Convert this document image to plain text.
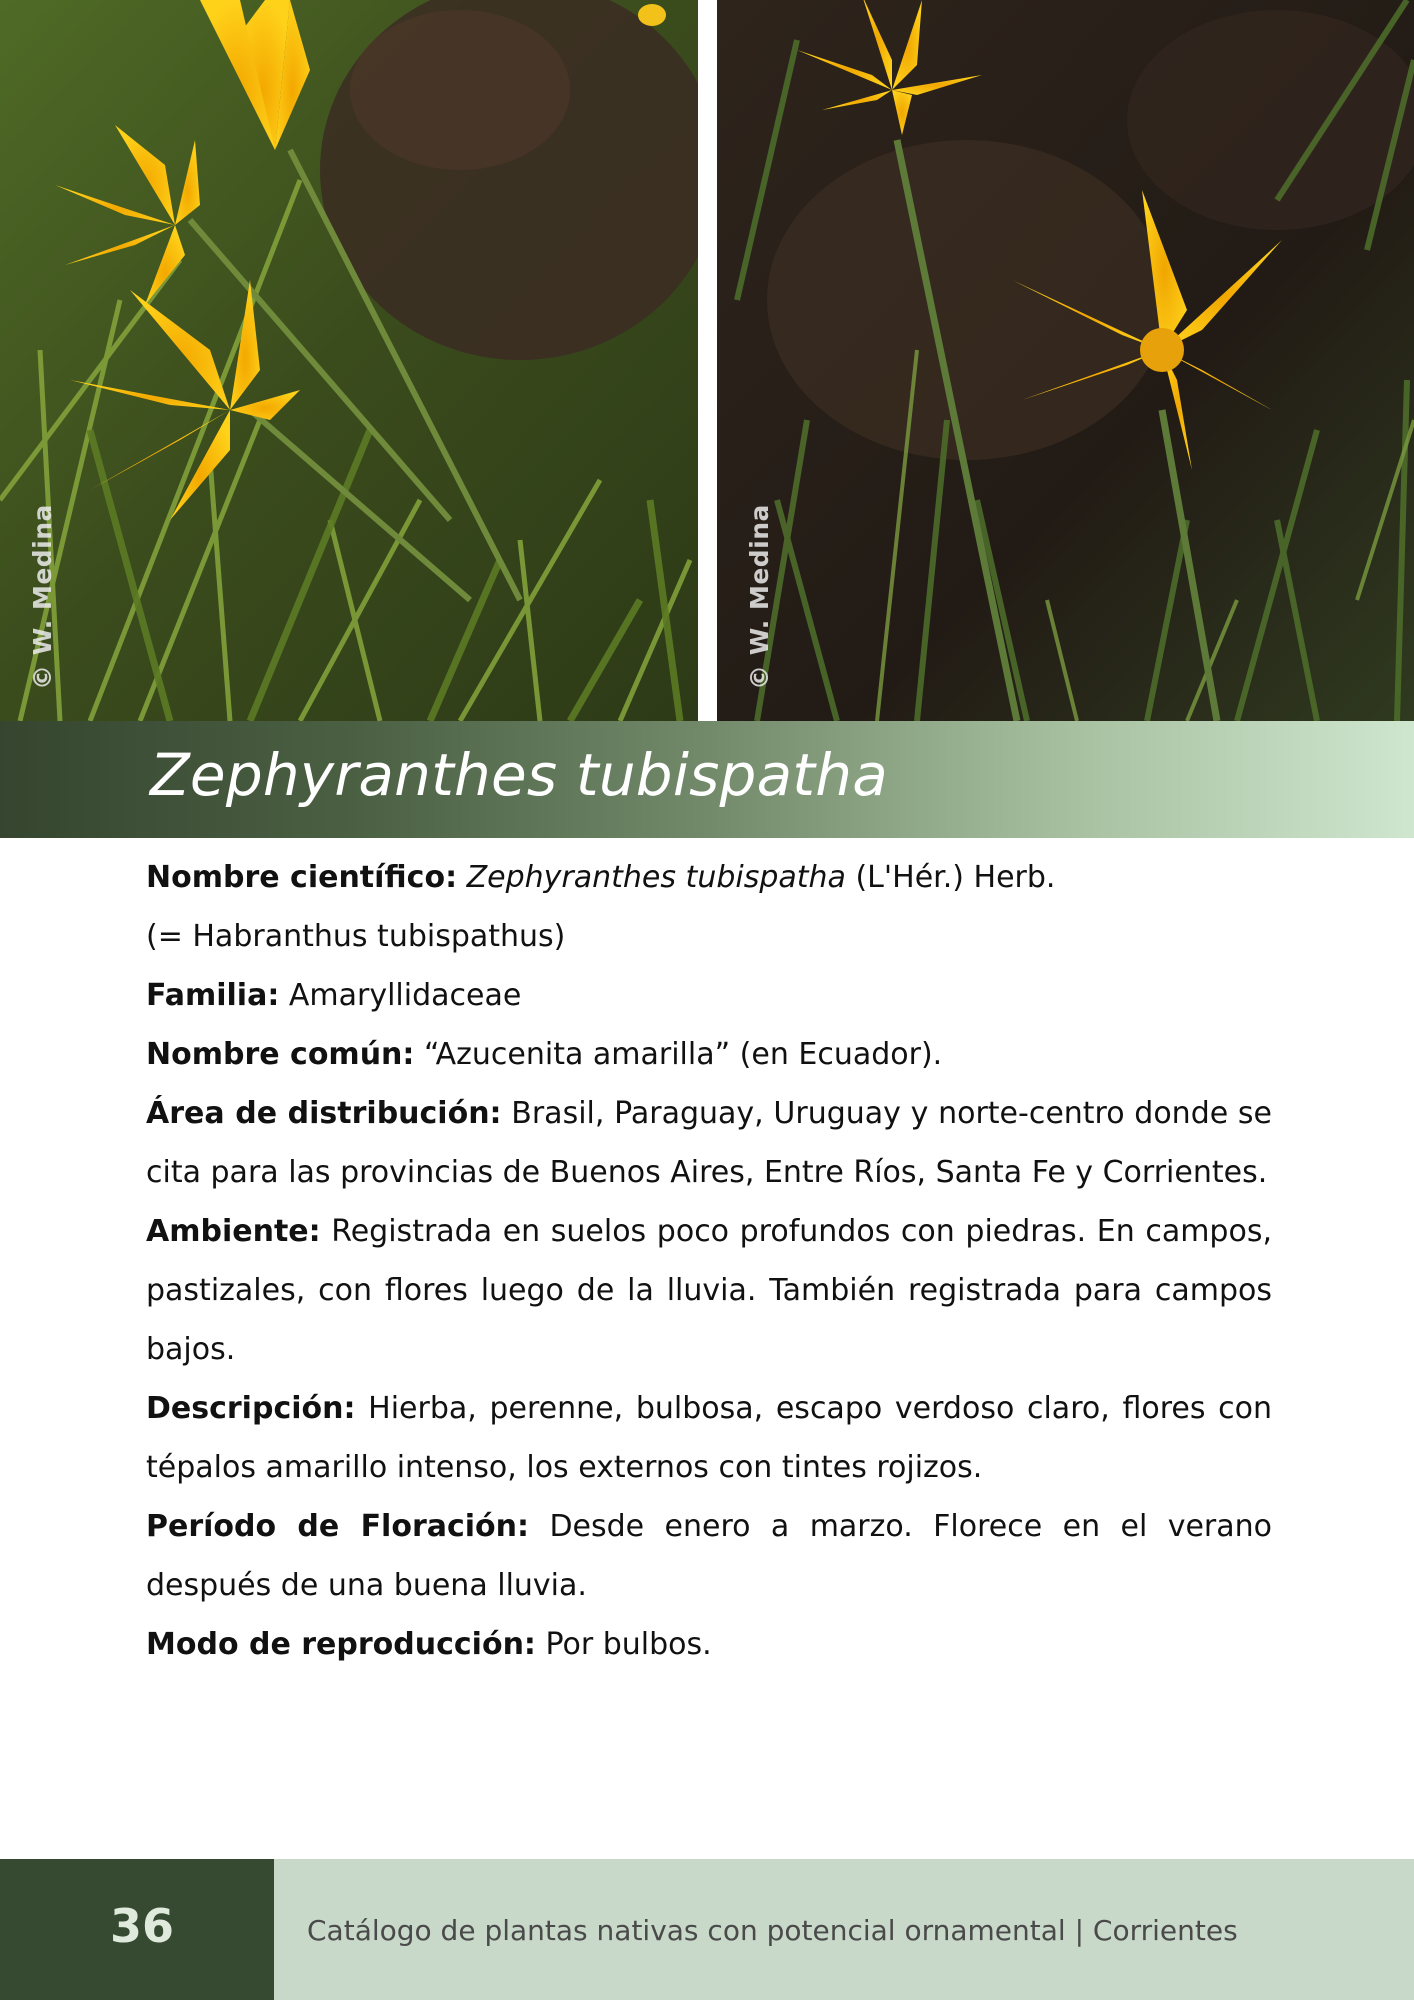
© W. Medina	© W. Medina
Zephyranthes tubispatha

Nombre científico: Zephyranthes tubispatha (L'Hér.) Herb.

(= Habranthus tubispathus)

Familia: Amaryllidaceae

Nombre común: “Azucenita amarilla” (en Ecuador).

Área de distribución: Brasil, Paraguay, Uruguay y norte-centro donde se cita para las provincias de Buenos Aires, Entre Ríos, Santa Fe y Corrientes.

Ambiente: Registrada en suelos poco profundos con piedras. En campos, pastizales, con flores luego de la lluvia. También registrada para campos bajos.

Descripción: Hierba, perenne, bulbosa, escapo verdoso claro, flores con tépalos amarillo intenso, los externos con tintes rojizos.

Período de Floración: Desde enero a marzo. Florece en el verano después de una buena lluvia.

Modo de reproducción: Por bulbos.

36	Catálogo de plantas nativas con potencial ornamental | Corrientes
